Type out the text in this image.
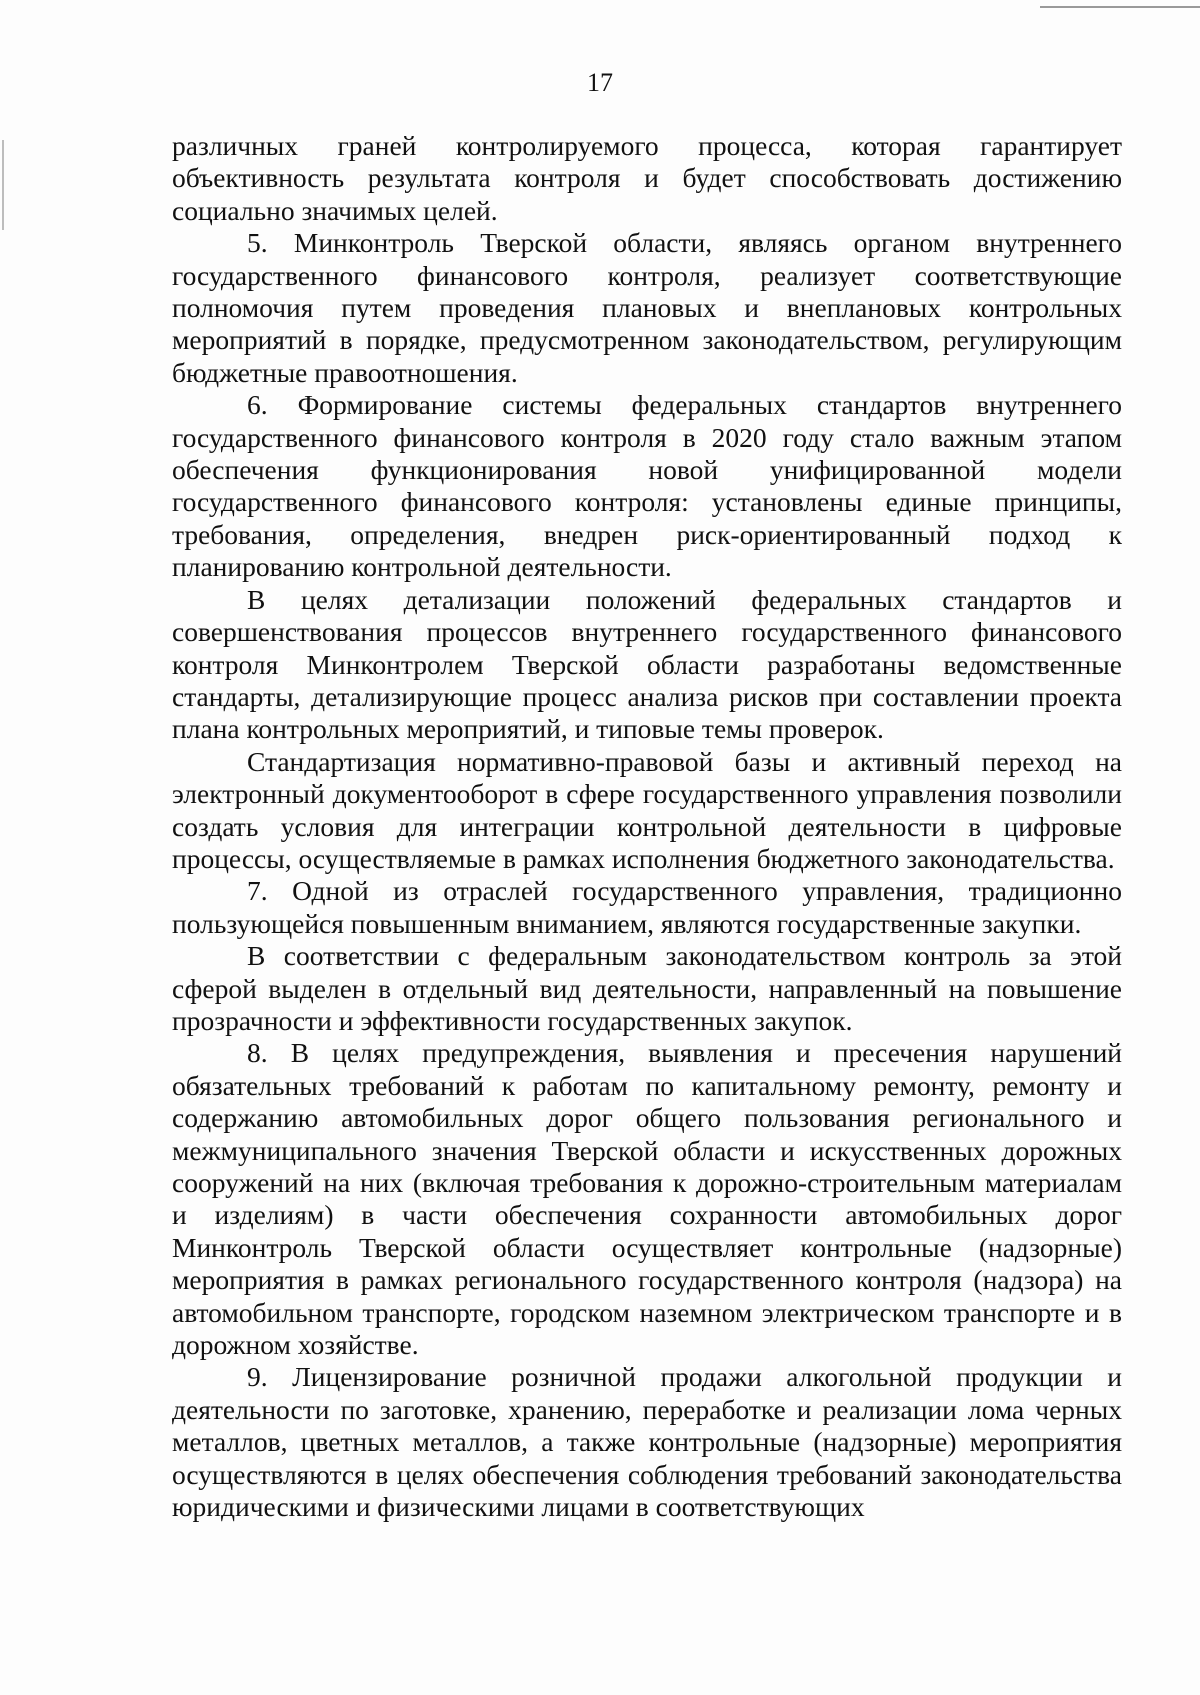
17

различных граней контролируемого процесса, которая гарантирует объективность результата контроля и будет способствовать достижению социально значимых целей.

5. Минконтроль Тверской области, являясь органом внутреннего государственного финансового контроля, реализует соответствующие полномочия путем проведения плановых и внеплановых контрольных мероприятий в порядке, предусмотренном законодательством, регулирующим бюджетные правоотношения.

6. Формирование системы федеральных стандартов внутреннего государственного финансового контроля в 2020 году стало важным этапом обеспечения функционирования новой унифицированной модели государственного финансового контроля: установлены единые принципы, требования, определения, внедрен риск-ориентированный подход к планированию контрольной деятельности.

В целях детализации положений федеральных стандартов и совершенствования процессов внутреннего государственного финансового контроля Минконтролем Тверской области разработаны ведомственные стандарты, детализирующие процесс анализа рисков при составлении проекта плана контрольных мероприятий, и типовые темы проверок.

Стандартизация нормативно-правовой базы и активный переход на электронный документооборот в сфере государственного управления позволили создать условия для интеграции контрольной деятельности в цифровые процессы, осуществляемые в рамках исполнения бюджетного законодательства.

7. Одной из отраслей государственного управления, традиционно пользующейся повышенным вниманием, являются государственные закупки.

В соответствии с федеральным законодательством контроль за этой сферой выделен в отдельный вид деятельности, направленный на повышение прозрачности и эффективности государственных закупок.

8. В целях предупреждения, выявления и пресечения нарушений обязательных требований к работам по капитальному ремонту, ремонту и содержанию автомобильных дорог общего пользования регионального и межмуниципального значения Тверской области и искусственных дорожных сооружений на них (включая требования к дорожно-строительным материалам и изделиям) в части обеспечения сохранности автомобильных дорог Минконтроль Тверской области осуществляет контрольные (надзорные) мероприятия в рамках регионального государственного контроля (надзора) на автомобильном транспорте, городском наземном электрическом транспорте и в дорожном хозяйстве.

9. Лицензирование розничной продажи алкогольной продукции и деятельности по заготовке, хранению, переработке и реализации лома черных металлов, цветных металлов, а также контрольные (надзорные) мероприятия осуществляются в целях обеспечения соблюдения требований законодательства юридическими и физическими лицами в соответствующих
